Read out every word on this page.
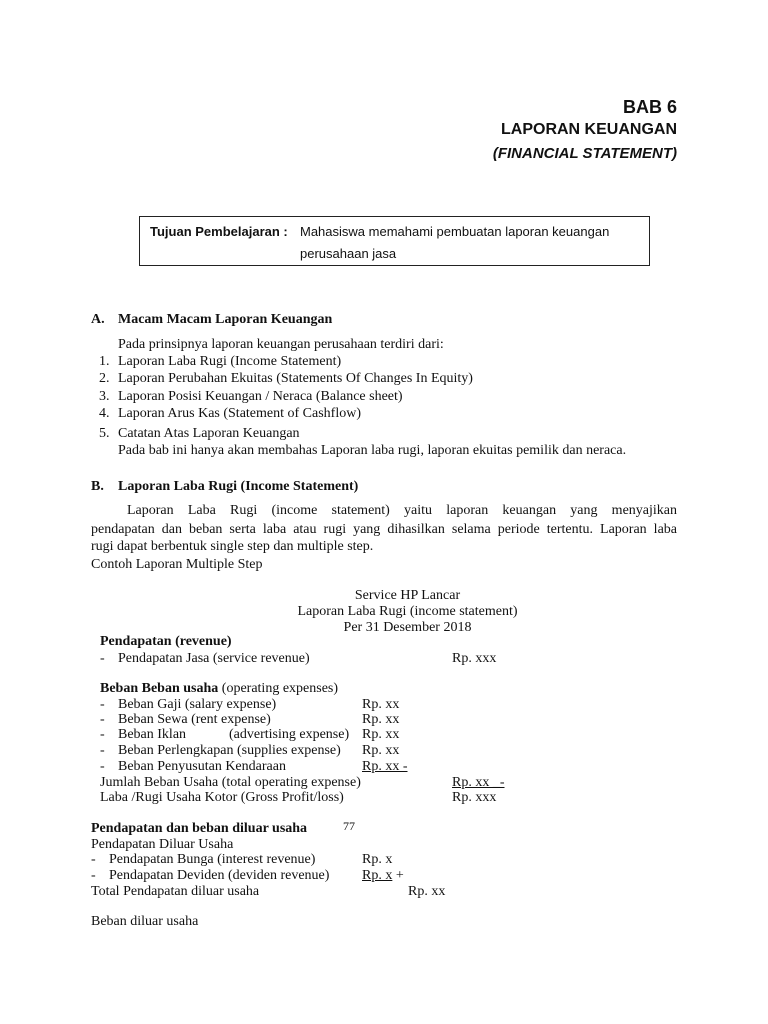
BAB 6
LAPORAN KEUANGAN
(FINANCIAL STATEMENT)
Tujuan Pembelajaran : Mahasiswa memahami pembuatan laporan keuangan
perusahaan jasa
A. Macam Macam Laporan Keuangan
Pada prinsipnya laporan keuangan perusahaan terdiri dari:
1. Laporan Laba Rugi (Income Statement)
2. Laporan Perubahan Ekuitas (Statements Of Changes In Equity)
3. Laporan Posisi Keuangan / Neraca (Balance sheet)
4. Laporan Arus Kas (Statement of Cashflow)
5. Catatan Atas Laporan Keuangan
Pada bab ini hanya akan membahas Laporan laba rugi, laporan ekuitas pemilik dan neraca.
B. Laporan Laba Rugi (Income Statement)
Laporan Laba Rugi (income statement) yaitu laporan keuangan yang menyajikan
pendapatan dan beban serta laba atau rugi yang dihasilkan selama periode tertentu. Laporan laba
rugi dapat berbentuk single step dan multiple step.
Contoh Laporan Multiple Step
Service HP Lancar
Laporan Laba Rugi (income statement)
Per 31 Desember 2018
Pendapatan (revenue)
- Pendapatan Jasa (service revenue)	Rp. xxx
Beban Beban usaha (operating expenses)
- Beban Gaji (salary expense)	Rp. xx
- Beban Sewa (rent expense)	Rp. xx
- Beban Iklan	(advertising expense) Rp. xx
- Beban Perlengkapan (supplies expense) Rp. xx
- Beban Penyusutan Kendaraan	Rp. xx -
Jumlah Beban Usaha (total operating expense)	Rp. xx _-
Laba /Rugi Usaha Kotor (Gross Profit/loss)	Rp. xxx
Pendapatan dan beban diluar usaha	77
Pendapatan Diluar Usaha
- Pendapatan Bunga (interest revenue)	Rp. x
- Pendapatan Deviden (deviden revenue) Rp. x +
Total Pendapatan diluar usaha	Rp. xx
Beban diluar usaha
